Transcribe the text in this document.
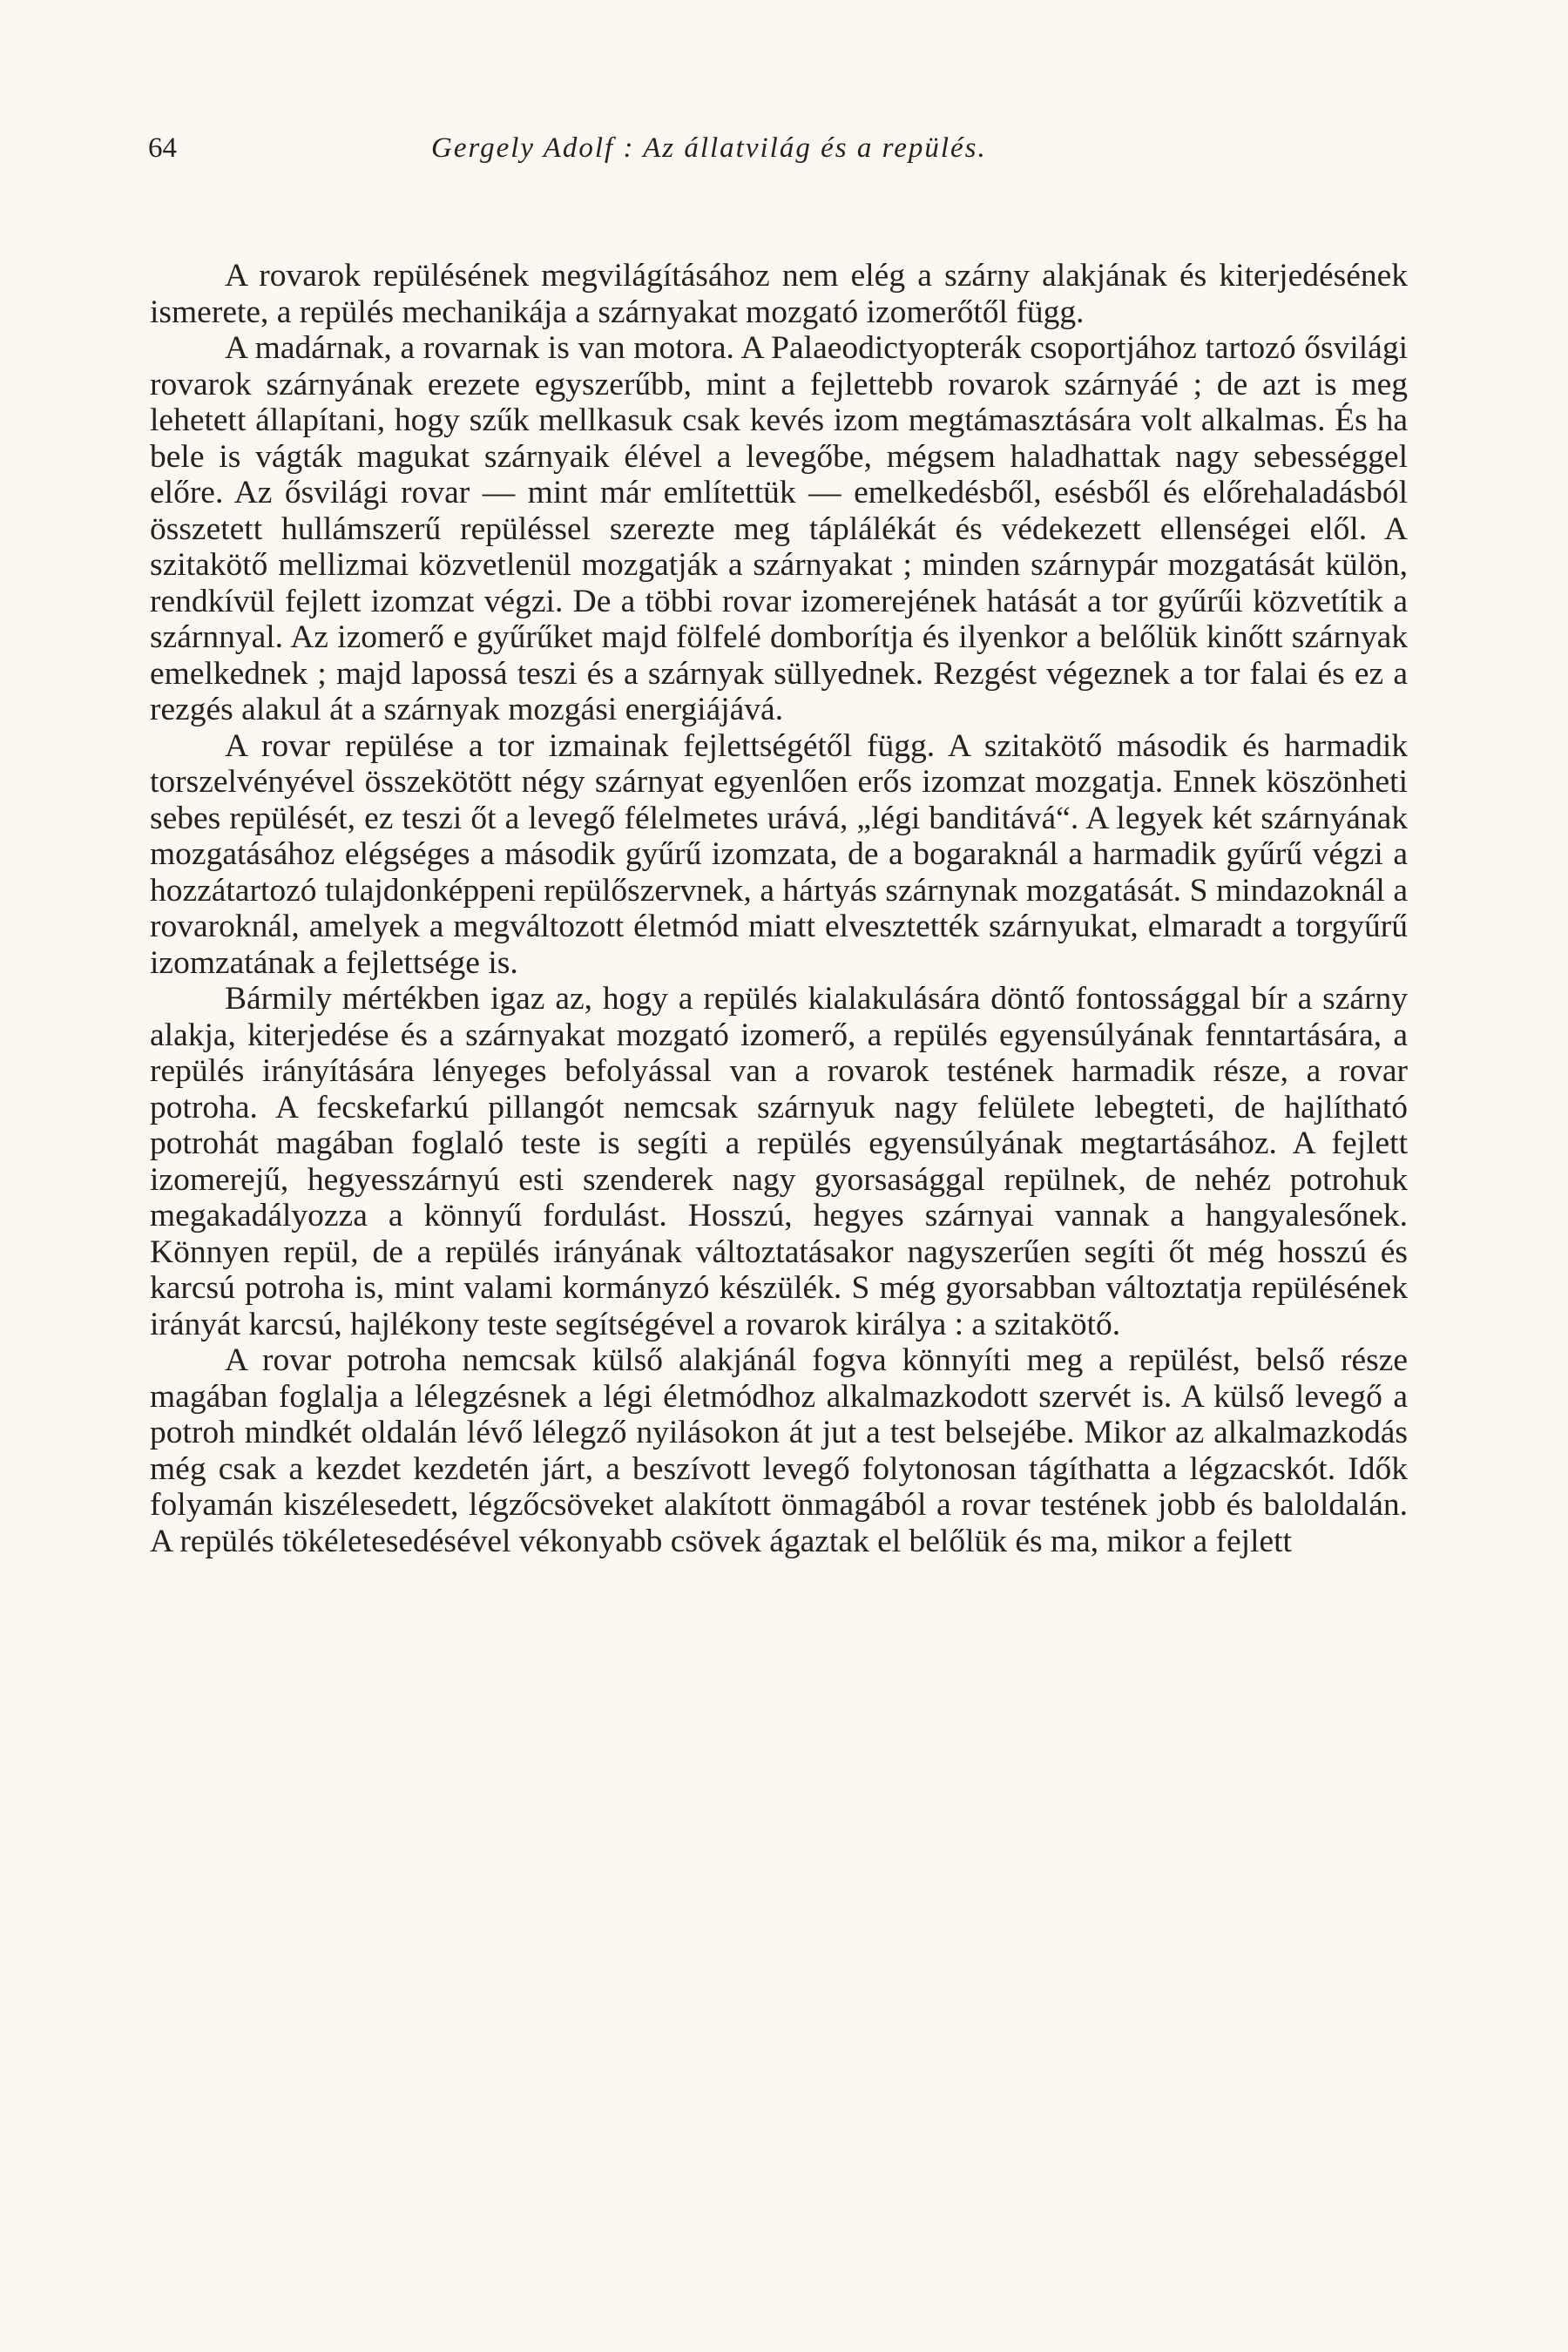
64	Gergely Adolf : Az állatvilág és a repülés.

A rovarok repülésének megvilágításához nem elég a szárny alakjának és kiterjedésének ismerete, a repülés mechanikája a szárnyakat mozgató izomerőtől függ.

A madárnak, a rovarnak is van motora. A Palaeodictyopterák csoportjához tartozó ősvilági rovarok szárnyának erezete egyszerűbb, mint a fejlettebb rovarok szárnyáé ; de azt is meg lehetett állapítani, hogy szűk mellkasuk csak kevés izom megtámasztására volt alkalmas. És ha bele is vágták magukat szárnyaik élével a levegőbe, mégsem haladhattak nagy sebességgel előre. Az ősvilági rovar — mint már említettük — emelkedésből, esésből és előrehaladásból összetett hullámszerű repüléssel szerezte meg táplálékát és védekezett ellenségei elől. A szitakötő mellizmai közvetlenül mozgatják a szárnyakat ; minden szárnypár mozgatását külön, rendkívül fejlett izomzat végzi. De a többi rovar izomerejének hatását a tor gyűrűi közvetítik a szárnnyal. Az izomerő e gyűrűket majd fölfelé domborítja és ilyenkor a belőlük kinőtt szárnyak emelkednek ; majd lapossá teszi és a szárnyak süllyednek. Rezgést végeznek a tor falai és ez a rezgés alakul át a szárnyak mozgási energiájává.

A rovar repülése a tor izmainak fejlettségétől függ. A szitakötő második és harmadik torszelvényével összekötött négy szárnyat egyenlően erős izomzat mozgatja. Ennek köszönheti sebes repülését, ez teszi őt a levegő félelmetes urává, „légi banditává“. A legyek két szárnyának mozgatásához elégséges a második gyűrű izomzata, de a bogaraknál a harmadik gyűrű végzi a hozzátartozó tulajdonképpeni repülőszervnek, a hártyás szárnynak mozgatását. S mindazoknál a rovaroknál, amelyek a megváltozott életmód miatt elvesztették szárnyukat, elmaradt a torgyűrű izomzatának a fejlettsége is.

Bármily mértékben igaz az, hogy a repülés kialakulására döntő fontossággal bír a szárny alakja, kiterjedése és a szárnyakat mozgató izomerő, a repülés egyensúlyának fenntartására, a repülés irányítására lényeges befolyással van a rovarok testének harmadik része, a rovar potroha. A fecskefarkú pillangót nemcsak szárnyuk nagy felülete lebegteti, de hajlítható potrohát magában foglaló teste is segíti a repülés egyensúlyának megtartásához. A fejlett izomerejű, hegyesszárnyú esti szenderek nagy gyorsasággal repülnek, de nehéz potrohuk megakadályozza a könnyű fordulást. Hosszú, hegyes szárnyai vannak a hangyalesőnek. Könnyen repül, de a repülés irányának változtatásakor nagyszerűen segíti őt még hosszú és karcsú potroha is, mint valami kormányzó készülék. S még gyorsabban változtatja repülésének irányát karcsú, hajlékony teste segítségével a rovarok királya : a szitakötő.

A rovar potroha nemcsak külső alakjánál fogva könnyíti meg a repülést, belső része magában foglalja a lélegzésnek a légi életmódhoz alkalmazkodott szervét is. A külső levegő a potroh mindkét oldalán lévő lélegző nyilásokon át jut a test belsejébe. Mikor az alkalmazkodás még csak a kezdet kezdetén járt, a beszívott levegő folytonosan tágíthatta a légzacskót. Idők folyamán kiszélesedett, légzőcsöveket alakított önmagából a rovar testének jobb és baloldalán. A repülés tökéletesedésével vékonyabb csövek ágaztak el belőlük és ma, mikor a fejlett
